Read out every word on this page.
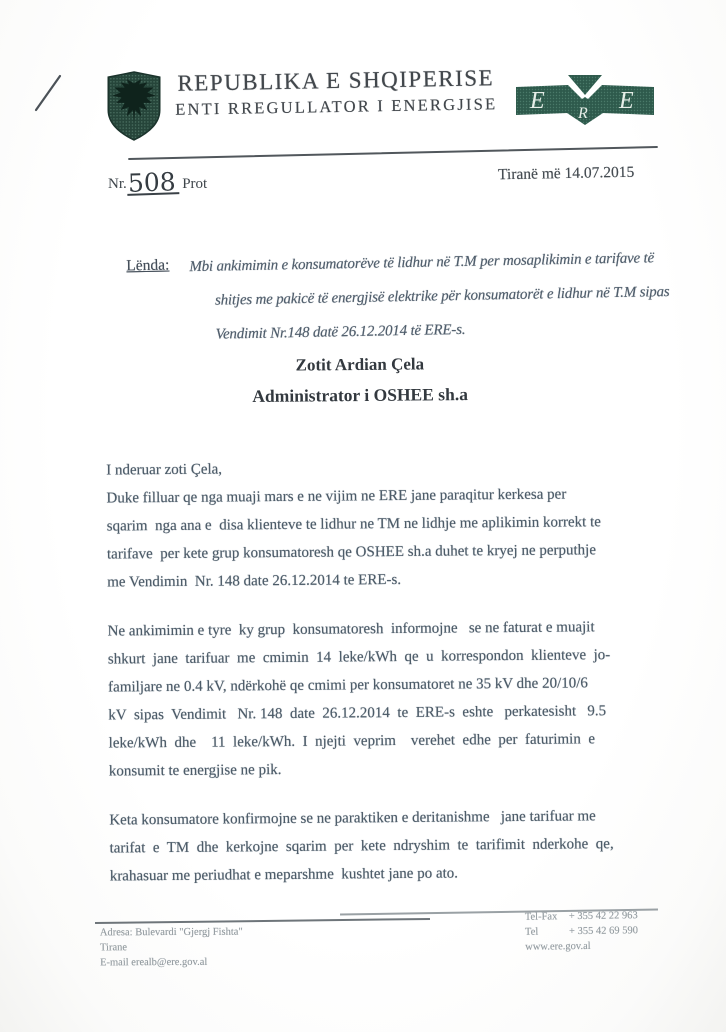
REPUBLIKA E SHQIPERISE
ENTI RREGULLATOR I ENERGJISE	E	E
R
Nr.508 Prot
Tiranë më 14.07.2015
Lënda: Mbi ankimimin e konsumatorëve të lidhur në T.M per mosaplikimin e tarifave të
shitjes me pakicë të energjisë elektrike për konsumatorët e lidhur në T.M sipas
Vendimit Nr.148 datë 26.12.2014 të ERE-s.
Zotit Ardian Çela
Administrator i OSHEE sh.a
I nderuar zoti Çela,
Duke filluar qe nga muaji mars e ne vijim ne ERE jane paraqitur kerkesa per
sqarim  nga ana e  disa klienteve te lidhur ne TM ne lidhje me aplikimin korrekt te
tarifave  per kete grup konsumatoresh qe OSHEE sh.a duhet te kryej ne perputhje
me Vendimin  Nr. 148 date 26.12.2014 te ERE-s.
Ne ankimimin e tyre  ky grup  konsumatoresh  informojne   se ne faturat e muajit
shkurt  jane  tarifuar  me  cmimin  14  leke/kWh  qe  u  korrespondon  klienteve  jo-
familjare ne 0.4 kV, ndërkohë qe cmimi per konsumatoret ne 35 kV dhe 20/10/6
kV  sipas  Vendimit   Nr. 148  date  26.12.2014  te  ERE-s  eshte   perkatesisht   9.5
leke/kWh  dhe    11  leke/kWh.  I  njejti  veprim    verehet  edhe  per  faturimin  e
konsumit te energjise ne pik.
Keta konsumatore konfirmojne se ne paraktiken e deritanishme   jane tarifuar me
tarifat  e  TM  dhe  kerkojne  sqarim  per  kete  ndryshim  te  tarifimit  nderkohe  qe,
krahasuar me periudhat e meparshme  kushtet jane po ato.
Adresa: Bulevardi "Gjergj Fishta"
Tirane
E-mail erealb@ere.gov.al
Tel-Fax + 355 42 22 963
Tel	+ 355 42 69 590
www.ere.gov.al
